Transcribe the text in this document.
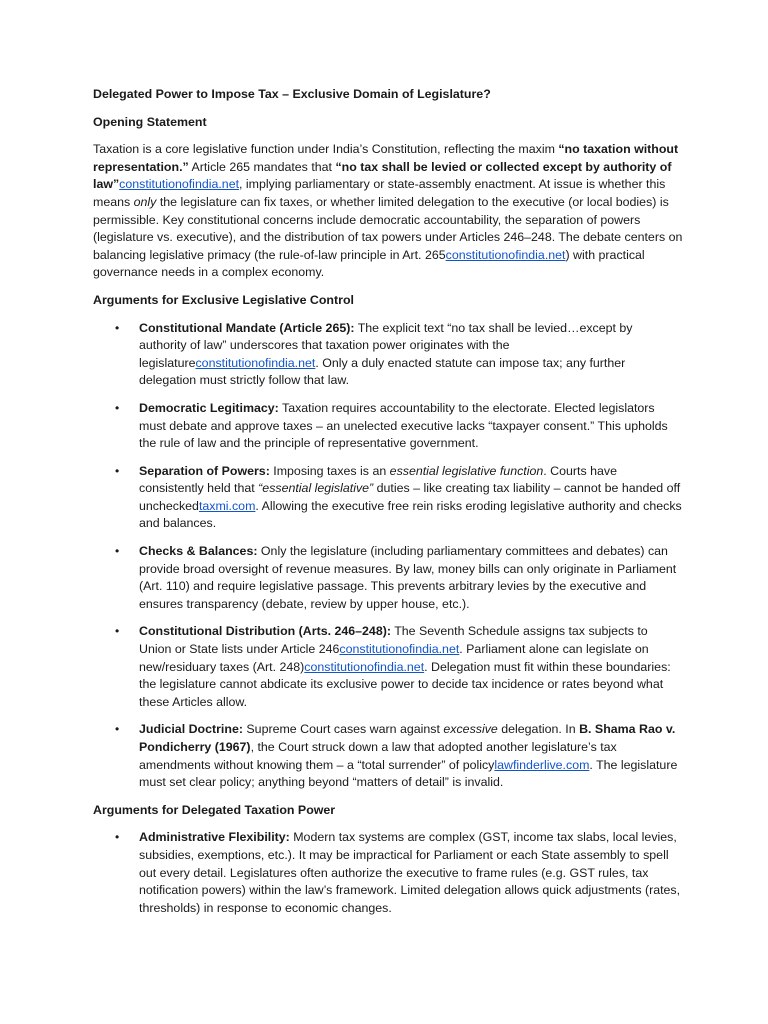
Delegated Power to Impose Tax – Exclusive Domain of Legislature?
Opening Statement

Taxation is a core legislative function under India’s Constitution, reflecting the maxim “no taxation without representation.” Article 265 mandates that “no tax shall be levied or collected except by authority of law”constitutionofindia.net, implying parliamentary or state-assembly enactment. At issue is whether this means only the legislature can fix taxes, or whether limited delegation to the executive (or local bodies) is permissible. Key constitutional concerns include democratic accountability, the separation of powers (legislature vs. executive), and the distribution of tax powers under Articles 246–248. The debate centers on balancing legislative primacy (the rule-of-law principle in Art. 265constitutionofindia.net) with practical governance needs in a complex economy.

Arguments for Exclusive Legislative Control
• Constitutional Mandate (Article 265): The explicit text “no tax shall be levied…except by authority of law” underscores that taxation power originates with the legislatureconstitutionofindia.net. Only a duly enacted statute can impose tax; any further delegation must strictly follow that law.
• Democratic Legitimacy: Taxation requires accountability to the electorate. Elected legislators must debate and approve taxes – an unelected executive lacks “taxpayer consent.” This upholds the rule of law and the principle of representative government.
• Separation of Powers: Imposing taxes is an essential legislative function. Courts have consistently held that “essential legislative” duties – like creating tax liability – cannot be handed off uncheckedtaxmi.com. Allowing the executive free rein risks eroding legislative authority and checks and balances.
• Checks & Balances: Only the legislature (including parliamentary committees and debates) can provide broad oversight of revenue measures. By law, money bills can only originate in Parliament (Art. 110) and require legislative passage. This prevents arbitrary levies by the executive and ensures transparency (debate, review by upper house, etc.).
• Constitutional Distribution (Arts. 246–248): The Seventh Schedule assigns tax subjects to Union or State lists under Article 246constitutionofindia.net. Parliament alone can legislate on new/residuary taxes (Art. 248)constitutionofindia.net. Delegation must fit within these boundaries: the legislature cannot abdicate its exclusive power to decide tax incidence or rates beyond what these Articles allow.
• Judicial Doctrine: Supreme Court cases warn against excessive delegation. In B. Shama Rao v. Pondicherry (1967), the Court struck down a law that adopted another legislature’s tax amendments without knowing them – a “total surrender” of policylawfinderlive.com. The legislature must set clear policy; anything beyond “matters of detail” is invalid.
Arguments for Delegated Taxation Power
• Administrative Flexibility: Modern tax systems are complex (GST, income tax slabs, local levies, subsidies, exemptions, etc.). It may be impractical for Parliament or each State assembly to spell out every detail. Legislatures often authorize the executive to frame rules (e.g. GST rules, tax notification powers) within the law’s framework. Limited delegation allows quick adjustments (rates, thresholds) in response to economic changes.
